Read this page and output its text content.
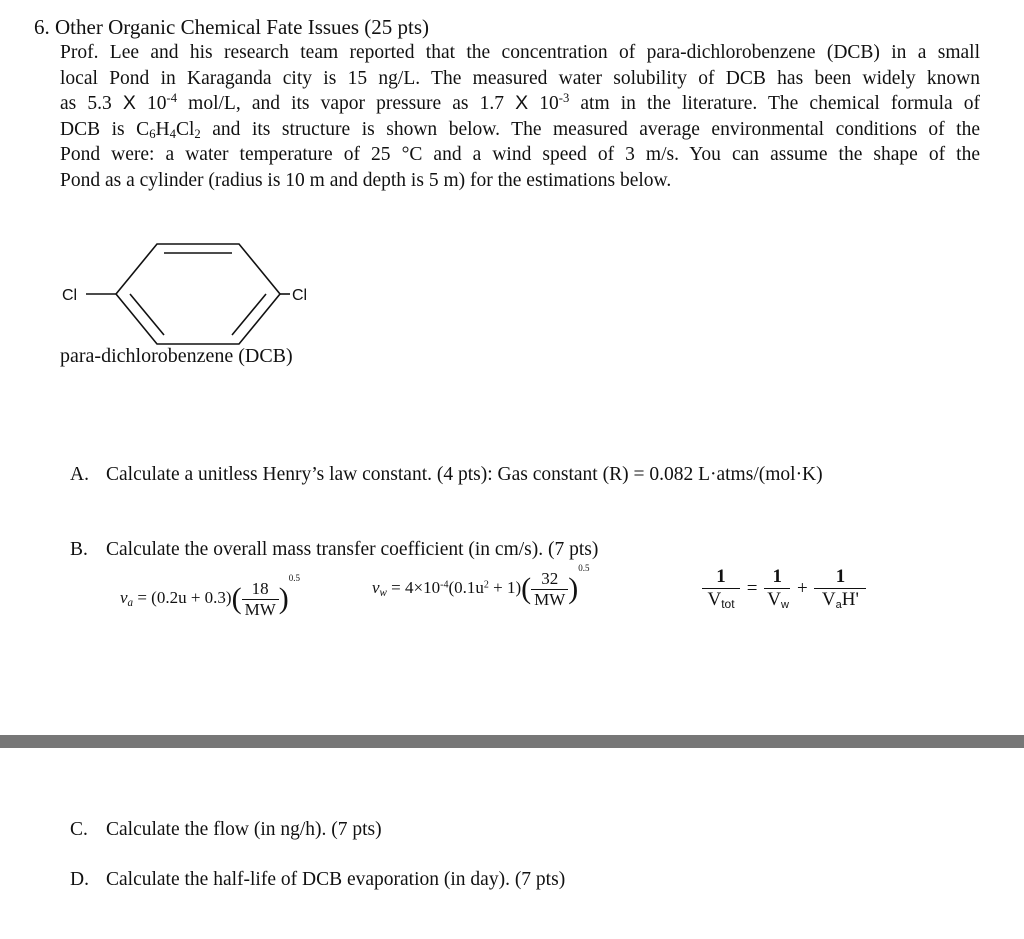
6. Other Organic Chemical Fate Issues (25 pts)
Prof. Lee and his research team reported that the concentration of para-dichlorobenzene (DCB) in a small
local Pond in Karaganda city is 15 ng/L. The measured water solubility of DCB has been widely known
as 5.3 X $10^{-4}$ mol/L, and its vapor pressure as 1.7 X $10^{-3}$ atm in the literature. The chemical formula of
DCB is $C_6H_4Cl_2$ and its structure is shown below. The measured average environmental conditions of the
Pond were: a water temperature of 25 °C and a wind speed of 3 m/s. You can assume the shape of the
Pond as a cylinder (radius is 10 m and depth is 5 m) for the estimations below.
Cl	Cl
para-dichlorobenzene (DCB)
A. Calculate a unitless Henry’s law constant. (4 pts): Gas constant (R) = 0.082 L·atms/(mol·K)
B. Calculate the overall mass transfer coefficient (in cm/s). (7 pts)
$v_a = (0.2u + 0.3)( \frac{18}{MW} )^{0.5}$	$v_w = 4\times 10^{-4}(0.1u^2 + 1)( \frac{32}{MW} )^{0.5}$	$\frac{1}{V_{tot}} = \frac{1}{V_w} + \frac{1}{V_aH'}$
C. Calculate the flow (in ng/h). (7 pts)
D. Calculate the half-life of DCB evaporation (in day). (7 pts)
